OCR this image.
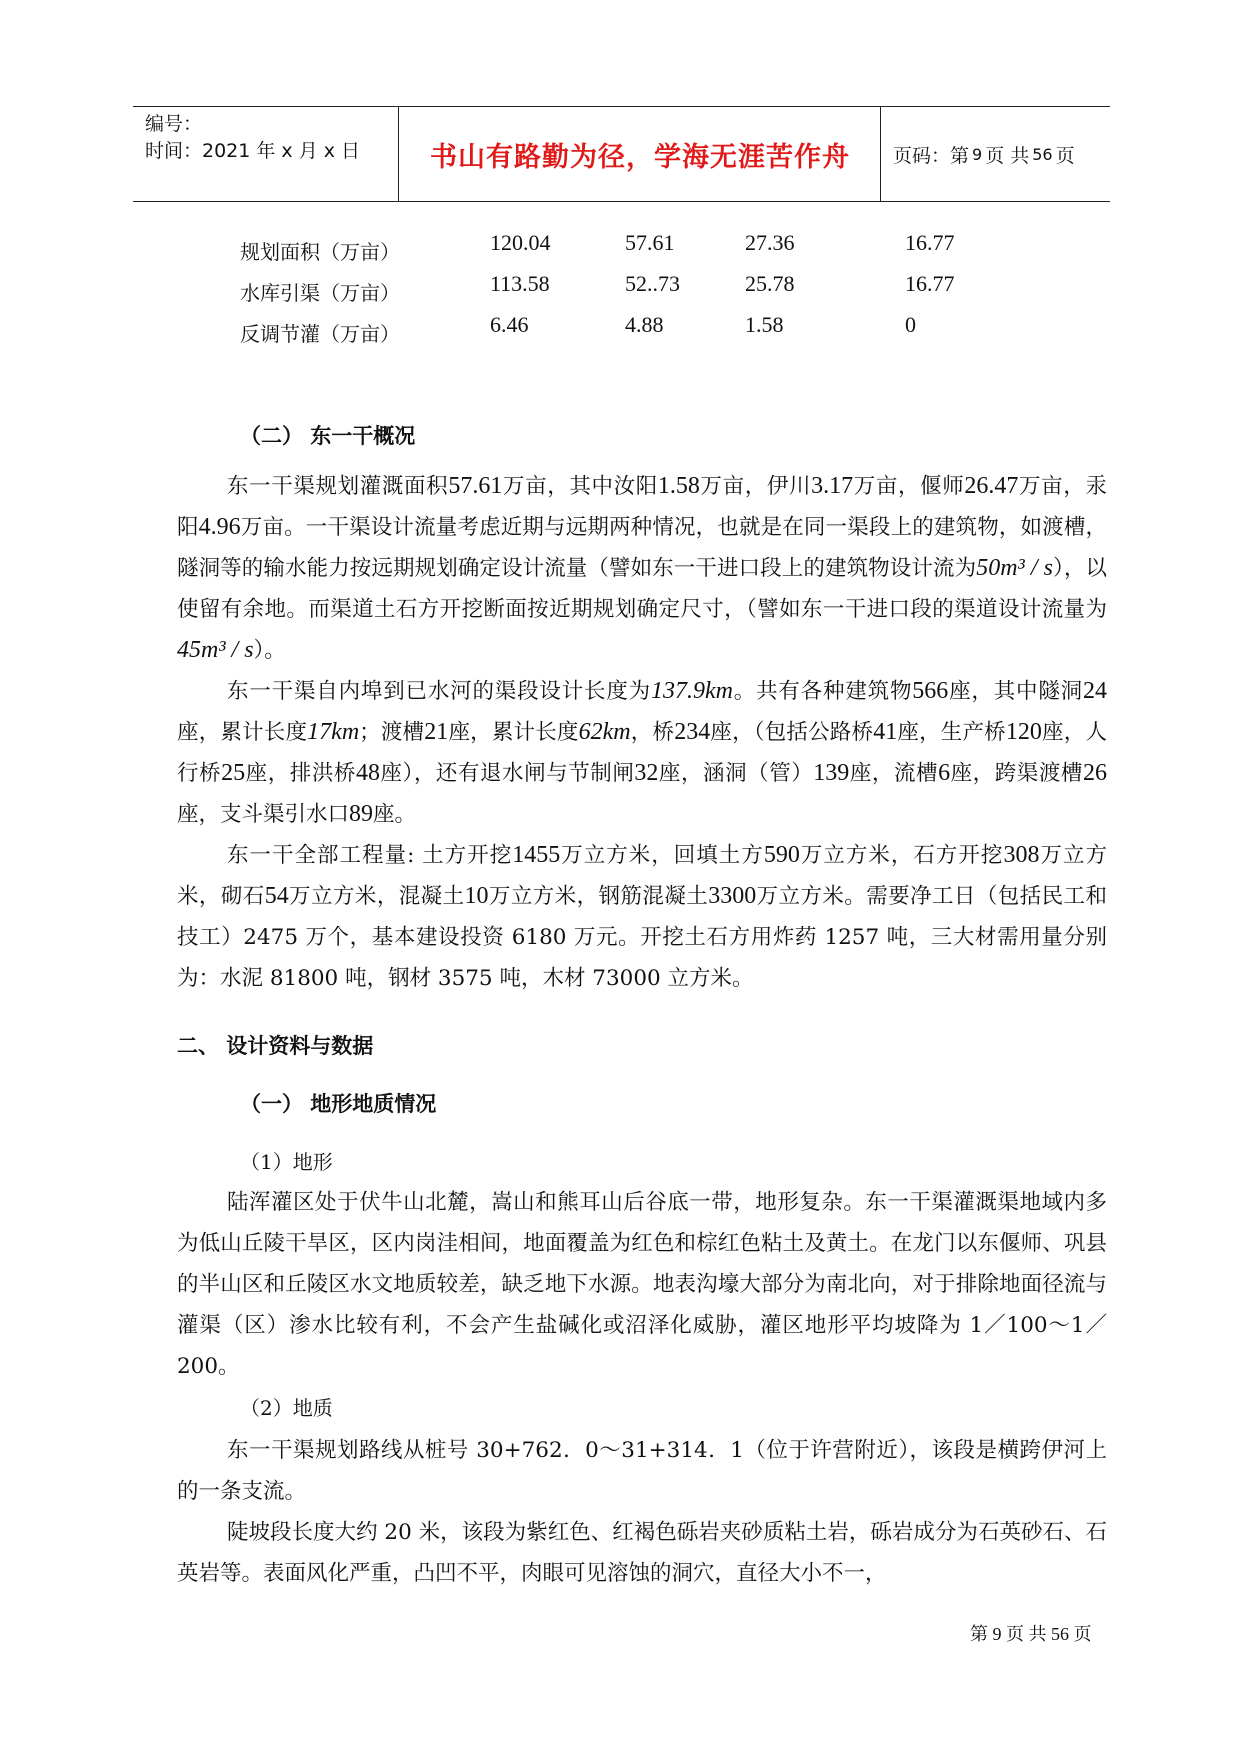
编号：
时间：2021 年 x 月 x 日	书山有路勤为径，学海无涯苦作舟	页码：第 9 页 共 56 页
规划面积（万亩）	120.04	57.61	27.36	16.77
水库引渠（万亩）	113.58	52..73	25.78	16.77
反调节灌（万亩）	6.46	4.88	1.58	0
（二） 东一干概况
东一干渠规划灌溉面积57.61万亩，其中汝阳1.58万亩，伊川3.17万亩，偃师26.47万亩，汞阳4.96万亩。一干渠设计流量考虑近期与远期两种情况，也就是在同一渠段上的建筑物，如渡槽，隧洞等的输水能力按远期规划确定设计流量（譬如东一干进口段上的建筑物设计流为50m³ / s），以使留有余地。而渠道土石方开挖断面按近期规划确定尺寸，（譬如东一干进口段的渠道设计流量为45m³ / s）。
东一干渠自内埠到已水河的渠段设计长度为137.9km。共有各种建筑物566座，其中隧洞24座，累计长度17km；渡槽21座，累计长度62km，桥234座，（包括公路桥41座，生产桥120座，人行桥25座，排洪桥48座），还有退水闸与节制闸32座，涵洞（管）139座，流槽6座，跨渠渡槽26座，支斗渠引水口89座。
东一干全部工程量: 土方开挖1455万立方米，回填土方590万立方米，石方开挖308万立方米，砌石54万立方米，混凝土10万立方米，钢筋混凝土3300万立方米。需要净工日（包括民工和技工）2475 万个，基本建设投资 6180 万元。开挖土石方用炸药 1257 吨，三大材需用量分别为：水泥 81800 吨，钢材 3575 吨，木材 73000 立方米。
二、 设计资料与数据
（一） 地形地质情况
（1）地形
陆浑灌区处于伏牛山北麓，嵩山和熊耳山后谷底一带，地形复杂。东一干渠灌溉渠地域内多为低山丘陵干旱区，区内岗洼相间，地面覆盖为红色和棕红色粘土及黄土。在龙门以东偃师、巩县的半山区和丘陵区水文地质较差，缺乏地下水源。地表沟壕大部分为南北向，对于排除地面径流与灌渠（区）渗水比较有利，不会产生盐碱化或沼泽化威胁，灌区地形平均坡降为 1／100～1／200。
（2）地质
东一干渠规划路线从桩号 30+762．0～31+314．1（位于许营附近），该段是横跨伊河上的一条支流。
陡坡段长度大约 20 米，该段为紫红色、红褐色砾岩夹砂质粘土岩，砾岩成分为石英砂石、石英岩等。表面风化严重，凸凹不平，肉眼可见溶蚀的洞穴，直径大小不一，
第 9 页 共 56 页
